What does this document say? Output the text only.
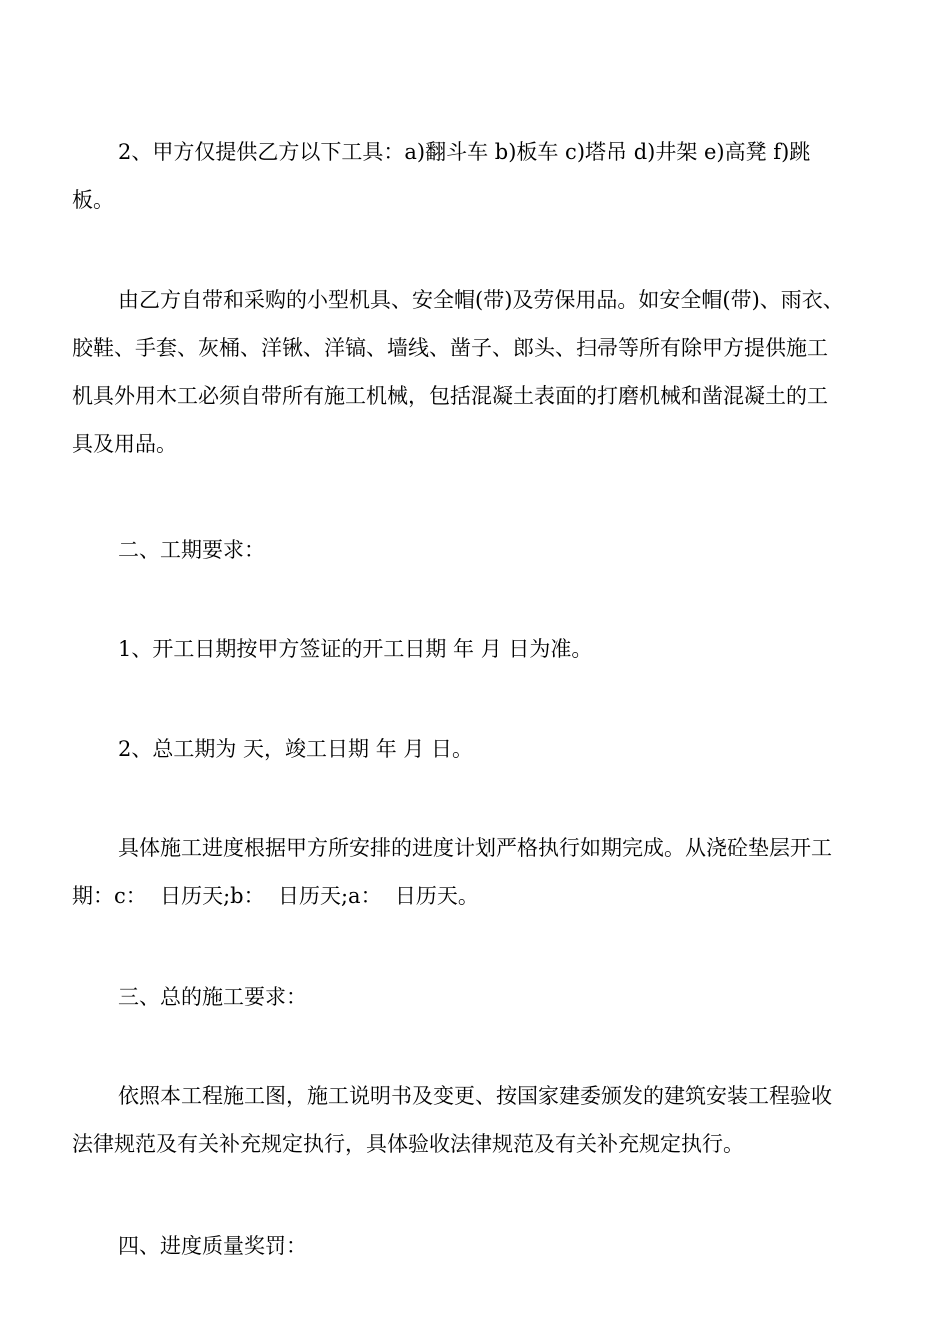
2、甲方仅提供乙方以下工具：a)翻斗车 b)板车 c)塔吊 d)井架 e)高凳 f)跳
板。

由乙方自带和采购的小型机具、安全帽(带)及劳保用品。如安全帽(带)、雨衣、
胶鞋、手套、灰桶、洋锹、洋镐、墙线、凿子、郎头、扫帚等所有除甲方提供施工
机具外用木工必须自带所有施工机械，包括混凝土表面的打磨机械和凿混凝土的工
具及用品。

二、工期要求：

1、开工日期按甲方签证的开工日期 年 月 日为准。

2、总工期为 天，竣工日期 年 月 日。

具体施工进度根据甲方所安排的进度计划严格执行如期完成。从浇砼垫层开工
期：c：  日历天;b：  日历天;a：  日历天。

三、总的施工要求：

依照本工程施工图，施工说明书及变更、按国家建委颁发的建筑安装工程验收
法律规范及有关补充规定执行，具体验收法律规范及有关补充规定执行。

四、进度质量奖罚：
